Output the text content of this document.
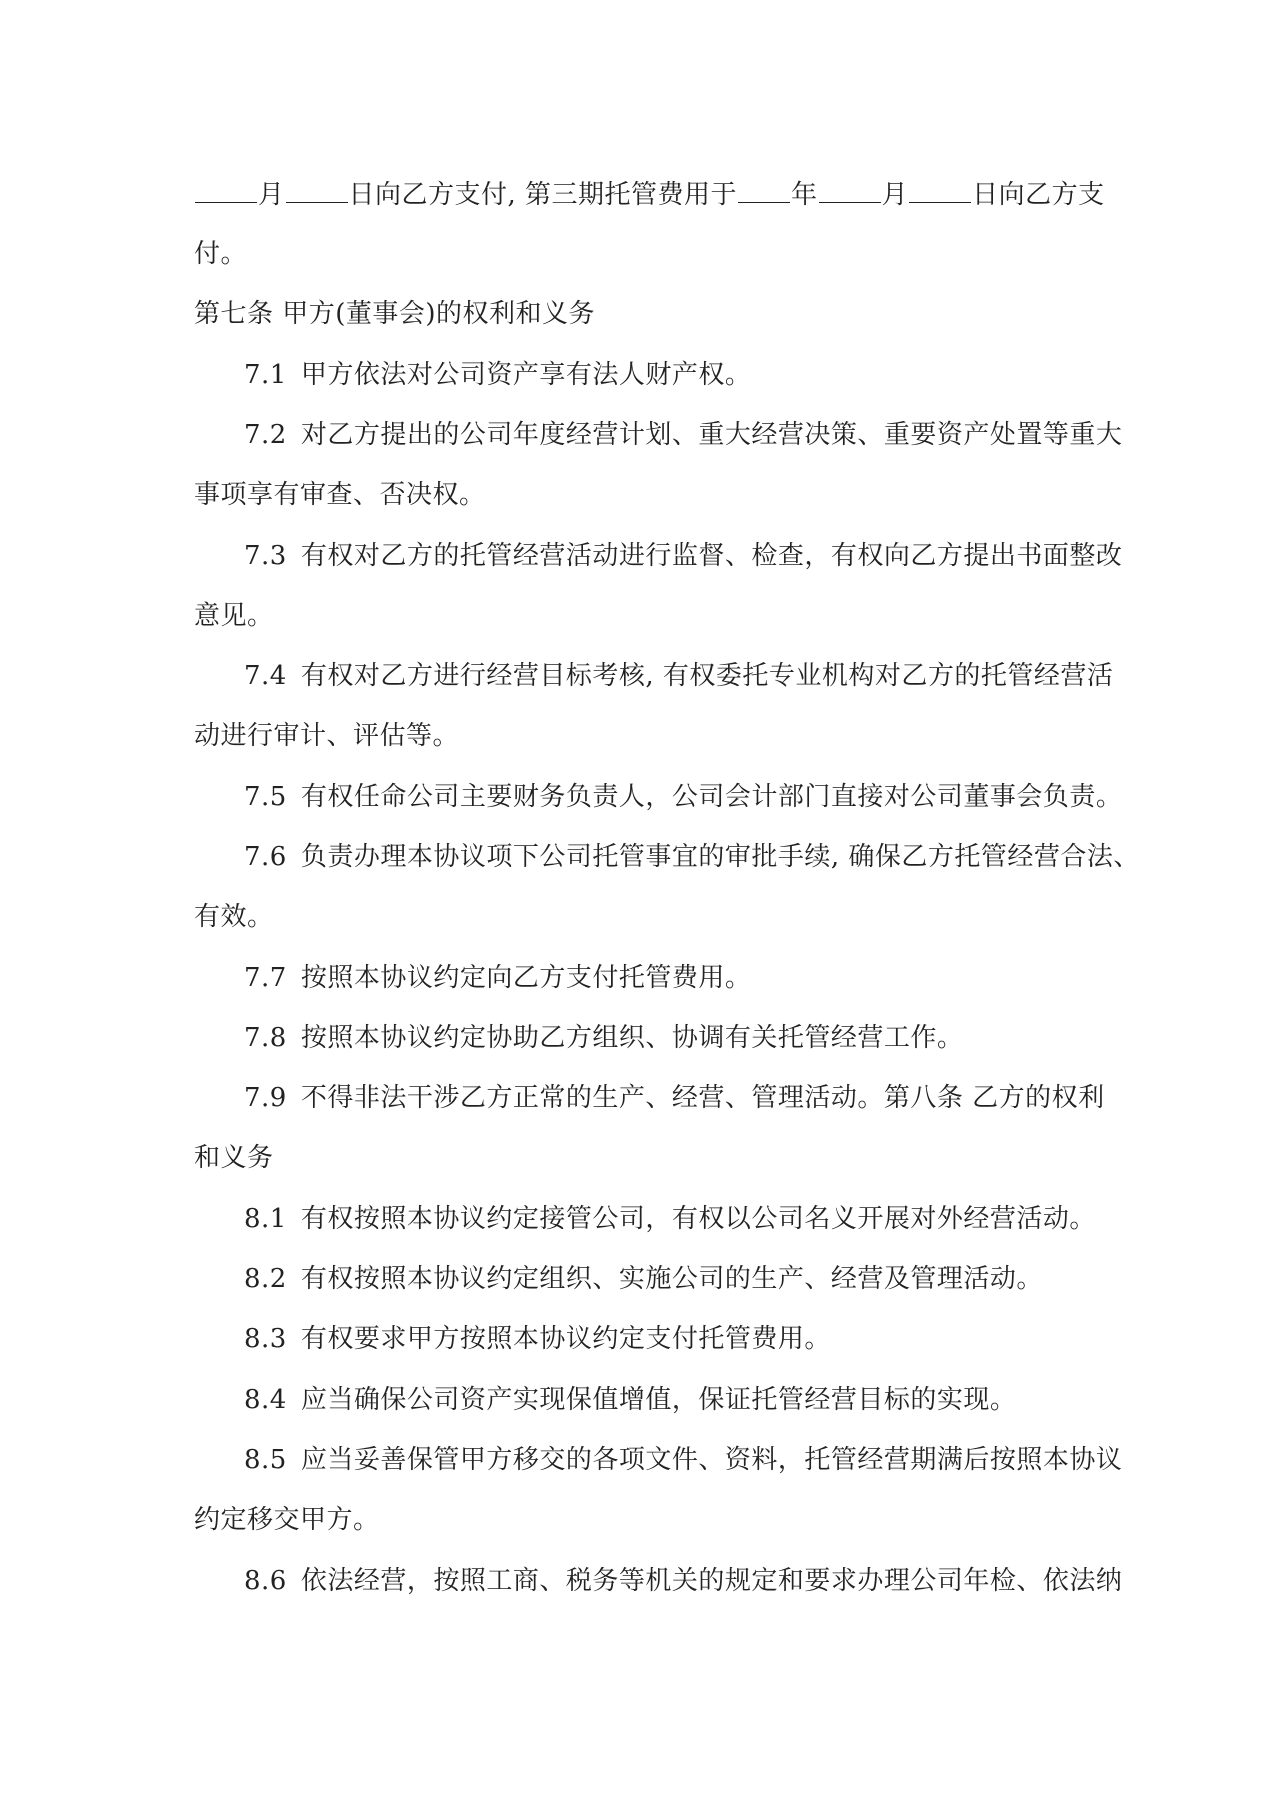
月 日向乙方支付, 第三期托管费用于 年 月 日向乙方支
付。
第七条 甲方(董事会)的权利和义务
7.1 甲方依法对公司资产享有法人财产权。
7.2 对乙方提出的公司年度经营计划、重大经营决策、重要资产处置等重大
事项享有审查、否决权。
7.3 有权对乙方的托管经营活动进行监督、检查，有权向乙方提出书面整改
意见。
7.4 有权对乙方进行经营目标考核, 有权委托专业机构对乙方的托管经营活
动进行审计、评估等。
7.5 有权任命公司主要财务负责人，公司会计部门直接对公司董事会负责。
7.6 负责办理本协议项下公司托管事宜的审批手续, 确保乙方托管经营合法、
有效。
7.7 按照本协议约定向乙方支付托管费用。
7.8 按照本协议约定协助乙方组织、协调有关托管经营工作。
7.9 不得非法干涉乙方正常的生产、经营、管理活动。第八条 乙方的权利
和义务
8.1 有权按照本协议约定接管公司，有权以公司名义开展对外经营活动。
8.2 有权按照本协议约定组织、实施公司的生产、经营及管理活动。
8.3 有权要求甲方按照本协议约定支付托管费用。
8.4 应当确保公司资产实现保值增值，保证托管经营目标的实现。
8.5 应当妥善保管甲方移交的各项文件、资料，托管经营期满后按照本协议
约定移交甲方。
8.6 依法经营，按照工商、税务等机关的规定和要求办理公司年检、依法纳
